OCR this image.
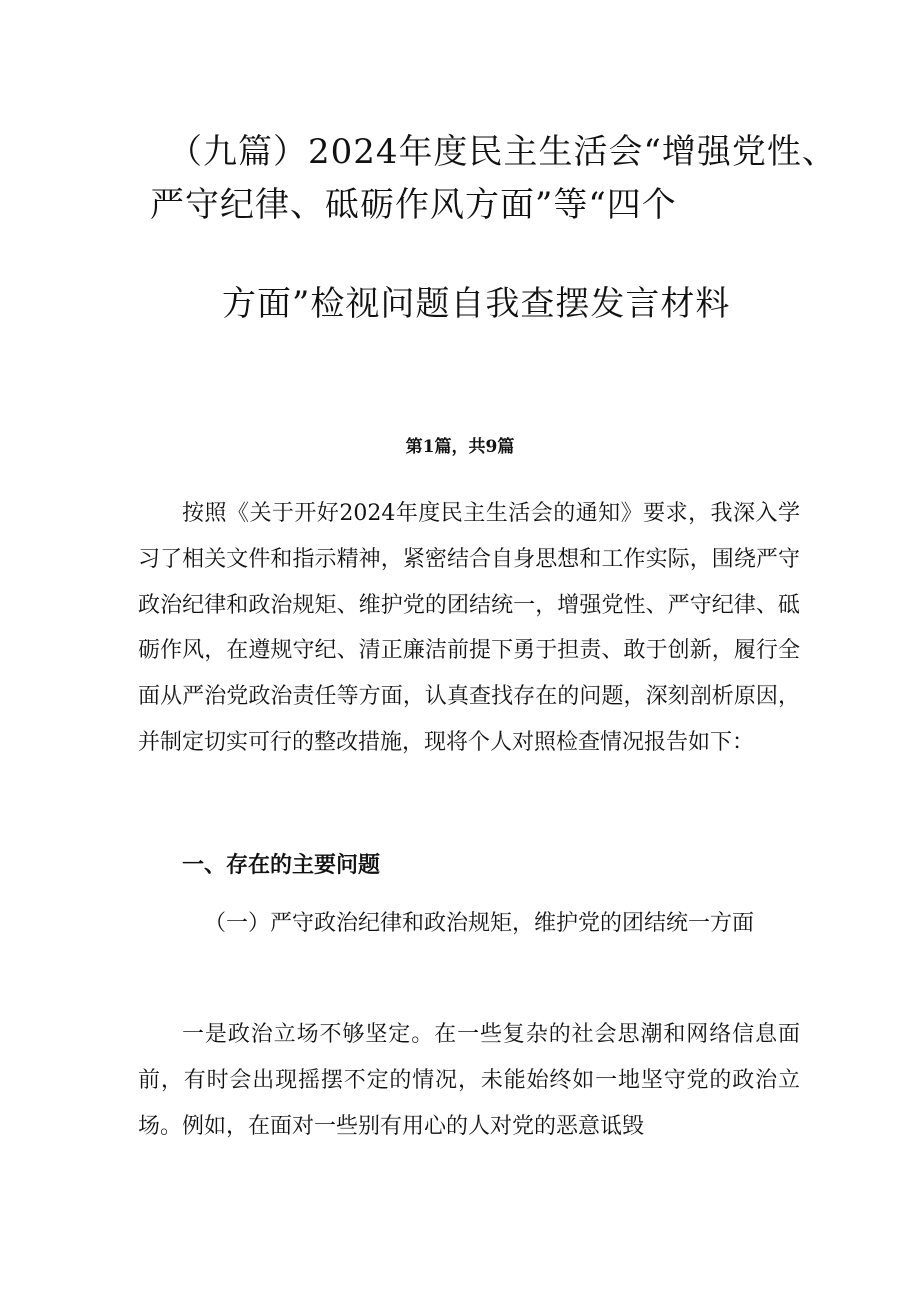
（九篇）2024年度民主生活会“增强党性、
严守纪律、砥砺作风方面”等“四个
方面”检视问题自我查摆发言材料
第1篇，共9篇
按照《关于开好2024年度民主生活会的通知》要求，我深入学习了相关文件和指示精神，紧密结合自身思想和工作实际，围绕严守政治纪律和政治规矩、维护党的团结统一，增强党性、严守纪律、砥砺作风，在遵规守纪、清正廉洁前提下勇于担责、敢于创新，履行全面从严治党政治责任等方面，认真查找存在的问题，深刻剖析原因，并制定切实可行的整改措施，现将个人对照检查情况报告如下：
一、存在的主要问题
（一）严守政治纪律和政治规矩，维护党的团结统一方面
一是政治立场不够坚定。在一些复杂的社会思潮和网络信息面前，有时会出现摇摆不定的情况，未能始终如一地坚守党的政治立场。例如，在面对一些别有用心的人对党的恶意诋毁
